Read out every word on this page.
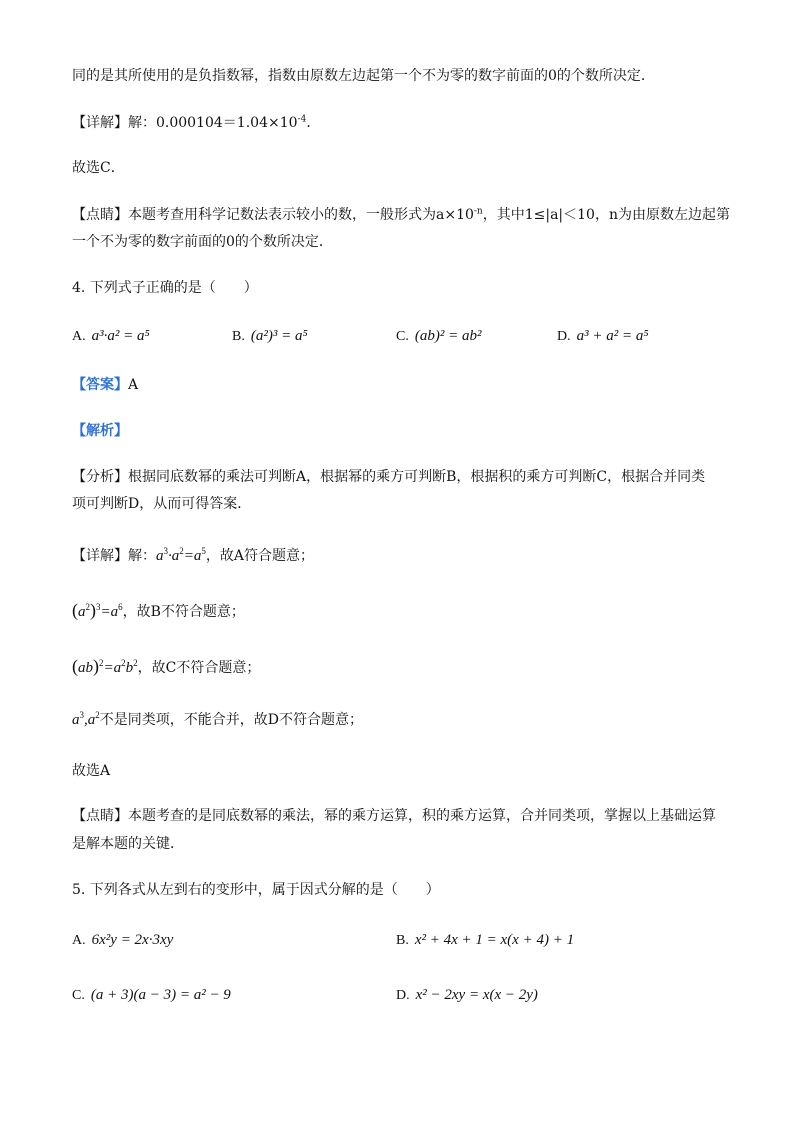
同的是其所使用的是负指数幂，指数由原数左边起第一个不为零的数字前面的0的个数所决定．
【详解】解：$0.000104=1.04\times 10^{-4}$．
故选C．
【点睛】本题考查用科学记数法表示较小的数，一般形式为$a\times 10^{-n}$，其中1≤|a|＜10，n为由原数左边起第
一个不为零的数字前面的0的个数所决定．
4. 下列式子正确的是（　　）
A. a³·a² = a⁵	B. (a²)³ = a⁵	C. (ab)² = ab²	D. a³ + a² = a⁵
【答案】A
【解析】
【分析】根据同底数幂的乘法可判断A，根据幂的乘方可判断B，根据积的乘方可判断C，根据合并同类
项可判断D，从而可得答案．
【详解】解：$a^3\cdot a^2=a^5$，故A符合题意；
$(a^2)^3=a^6$，故B不符合题意；
$(ab)^2=a^2b^2$，故C不符合题意；
$a^3,a^2$不是同类项，不能合并，故D不符合题意；
故选A
【点睛】本题考查的是同底数幂的乘法，幂的乘方运算，积的乘方运算，合并同类项，掌握以上基础运算
是解本题的关键．
5. 下列各式从左到右的变形中，属于因式分解的是（　　）
A. 6x²y = 2x·3xy	B. x² + 4x + 1 = x(x + 4) + 1
C. (a + 3)(a − 3) = a² − 9	D. x² − 2xy = x(x − 2y)
